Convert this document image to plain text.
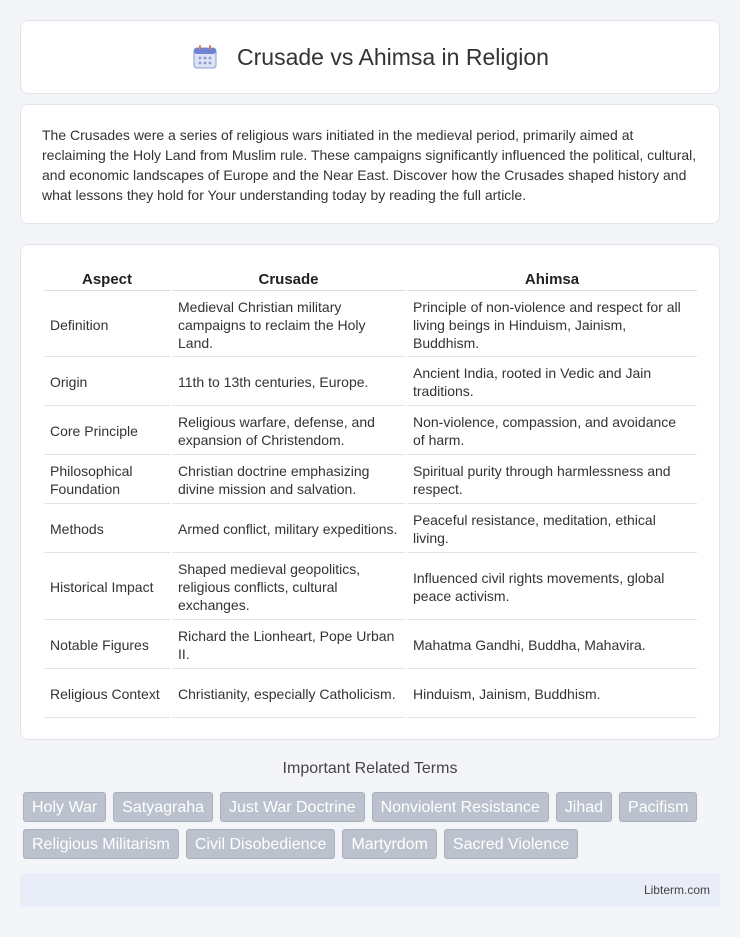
Crusade vs Ahimsa in Religion

The Crusades were a series of religious wars initiated in the medieval period, primarily aimed at reclaiming the Holy Land from Muslim rule. These campaigns significantly influenced the political, cultural, and economic landscapes of Europe and the Near East. Discover how the Crusades shaped history and what lessons they hold for Your understanding today by reading the full article.

Aspect	Crusade	Ahimsa
Definition	Medieval Christian military campaigns to reclaim the Holy Land.	Principle of non-violence and respect for all living beings in Hinduism, Jainism, Buddhism.
Origin	11th to 13th centuries, Europe.	Ancient India, rooted in Vedic and Jain traditions.
Core Principle	Religious warfare, defense, and expansion of Christendom.	Non-violence, compassion, and avoidance of harm.
Philosophical Foundation	Christian doctrine emphasizing divine mission and salvation.	Spiritual purity through harmlessness and respect.
Methods	Armed conflict, military expeditions.	Peaceful resistance, meditation, ethical living.
Historical Impact	Shaped medieval geopolitics, religious conflicts, cultural exchanges.	Influenced civil rights movements, global peace activism.
Notable Figures	Richard the Lionheart, Pope Urban II.	Mahatma Gandhi, Buddha, Mahavira.
Religious Context	Christianity, especially Catholicism.	Hinduism, Jainism, Buddhism.
Important Related Terms
Holy War	Satyagraha	Just War Doctrine	Nonviolent Resistance	Jihad	Pacifism
Religious Militarism	Civil Disobedience	Martyrdom	Sacred Violence
Libterm.com
